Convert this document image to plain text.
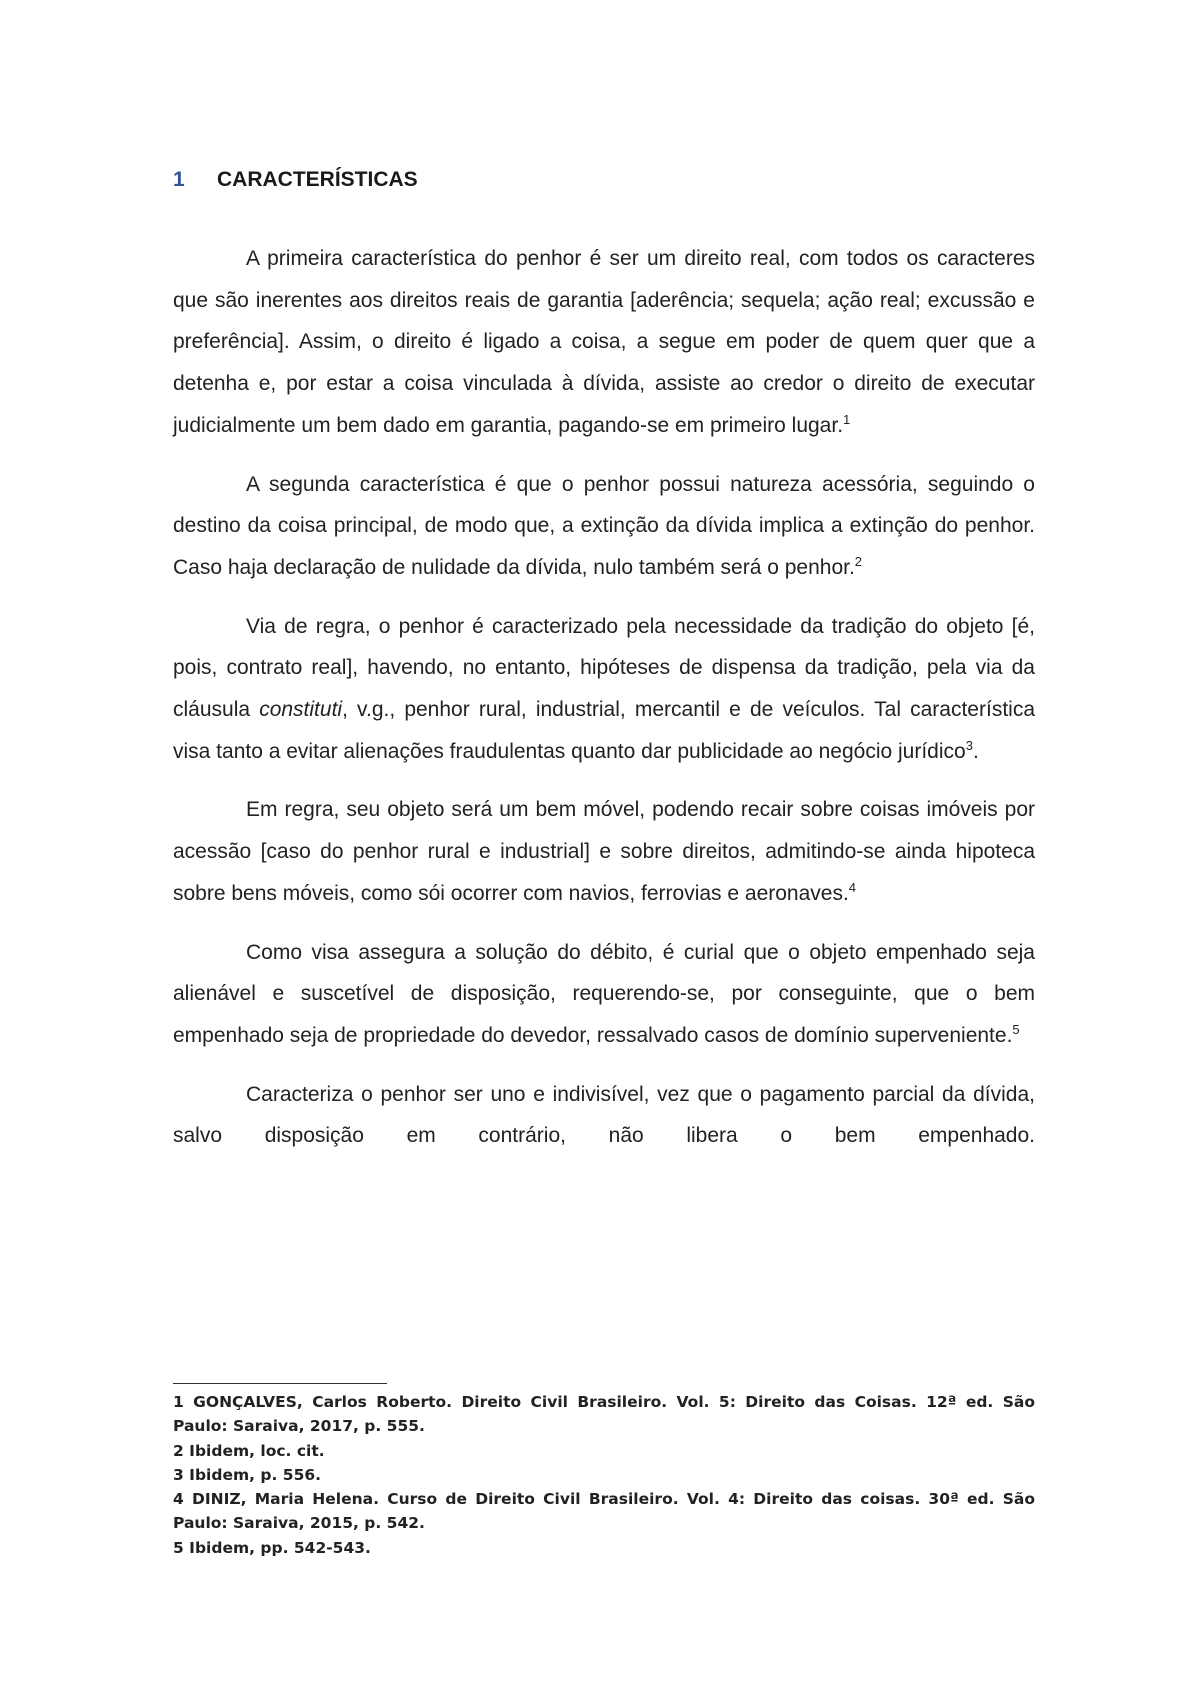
1	CARACTERÍSTICAS

A primeira característica do penhor é ser um direito real, com todos os caracteres que são inerentes aos direitos reais de garantia [aderência; sequela; ação real; excussão e preferência]. Assim, o direito é ligado a coisa, a segue em poder de quem quer que a detenha e, por estar a coisa vinculada à dívida, assiste ao credor o direito de executar judicialmente um bem dado em garantia, pagando-se em primeiro lugar.$^1$

A segunda característica é que o penhor possui natureza acessória, seguindo o destino da coisa principal, de modo que, a extinção da dívida implica a extinção do penhor. Caso haja declaração de nulidade da dívida, nulo também será o penhor.$^2$

Via de regra, o penhor é caracterizado pela necessidade da tradição do objeto [é, pois, contrato real], havendo, no entanto, hipóteses de dispensa da tradição, pela via da cláusula constituti, v.g., penhor rural, industrial, mercantil e de veículos. Tal característica visa tanto a evitar alienações fraudulentas quanto dar publicidade ao negócio jurídico$^3$.

Em regra, seu objeto será um bem móvel, podendo recair sobre coisas imóveis por acessão [caso do penhor rural e industrial] e sobre direitos, admitindo-se ainda hipoteca sobre bens móveis, como sói ocorrer com navios, ferrovias e aeronaves.$^4$

Como visa assegura a solução do débito, é curial que o objeto empenhado seja alienável e suscetível de disposição, requerendo-se, por conseguinte, que o bem empenhado seja de propriedade do devedor, ressalvado casos de domínio superveniente.$^5$

Caracteriza o penhor ser uno e indivisível, vez que o pagamento parcial da dívida, salvo disposição em contrário, não libera o bem empenhado.

1 GONÇALVES, Carlos Roberto. Direito Civil Brasileiro. Vol. 5: Direito das Coisas. 12ª ed. São Paulo: Saraiva, 2017, p. 555.
2 Ibidem, loc. cit.
3 Ibidem, p. 556.
4 DINIZ, Maria Helena. Curso de Direito Civil Brasileiro. Vol. 4: Direito das coisas. 30ª ed. São Paulo: Saraiva, 2015, p. 542.
5 Ibidem, pp. 542-543.
